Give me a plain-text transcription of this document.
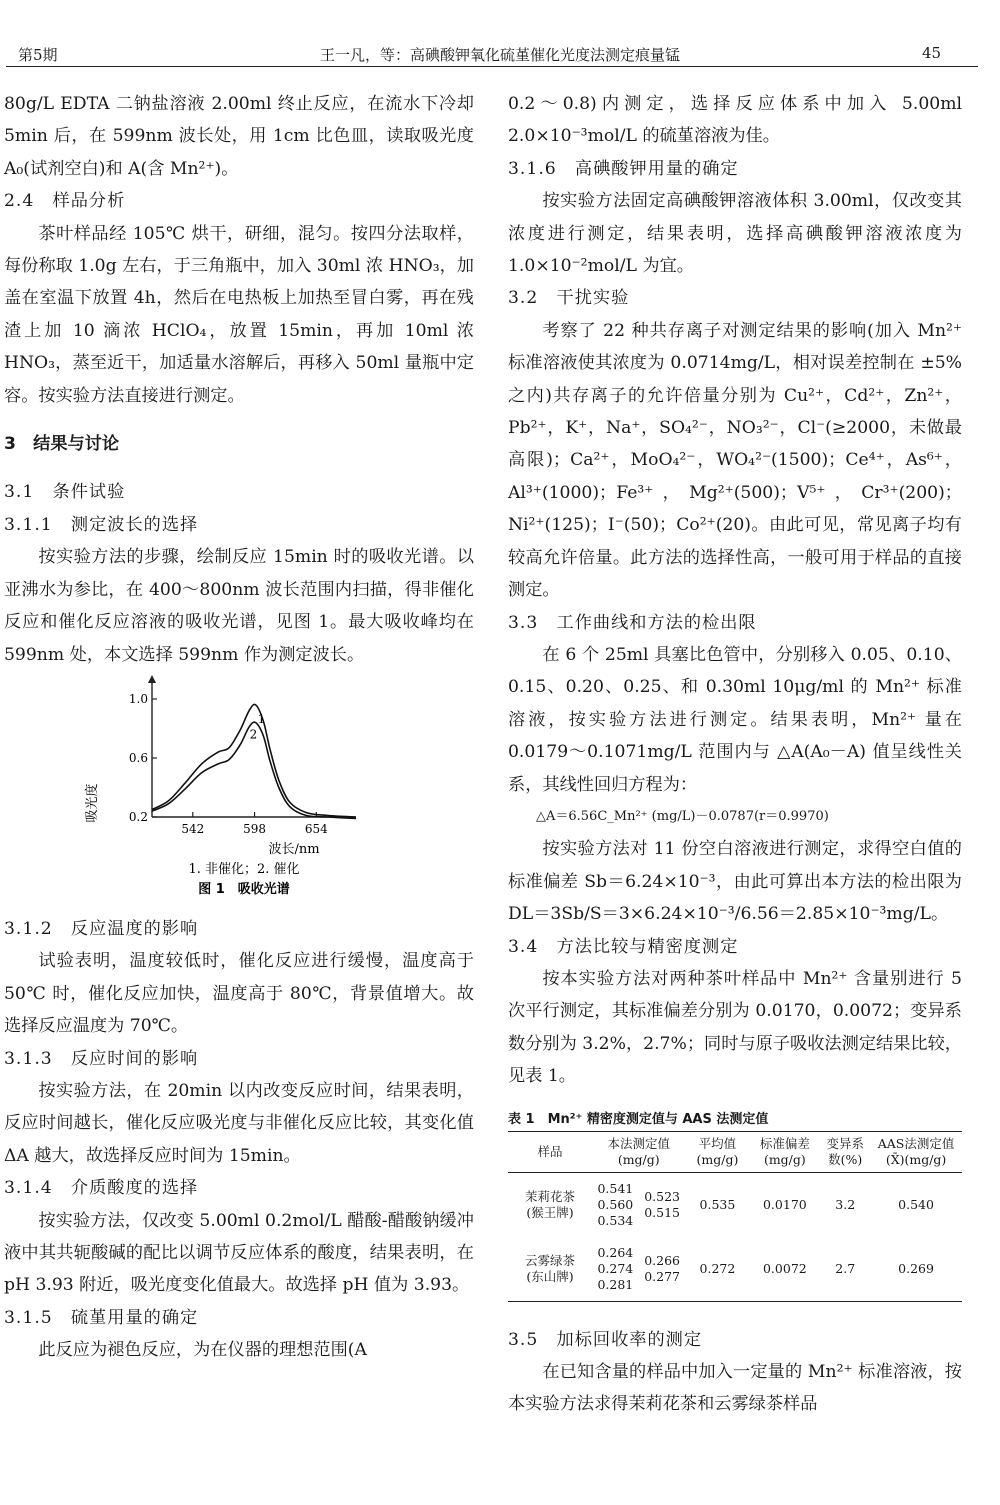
第5期	王一凡，等：高碘酸钾氧化硫堇催化光度法测定痕量锰	45

80g/L EDTA 二钠盐溶液 2.00ml 终止反应，在流水下冷却 5min 后，在 599nm 波长处，用 1cm 比色皿，读取吸光度 A₀(试剂空白)和 A(含 Mn²⁺)。

2.4　样品分析

茶叶样品经 105℃ 烘干，研细，混匀。按四分法取样，每份称取 1.0g 左右，于三角瓶中，加入 30ml 浓 HNO₃，加盖在室温下放置 4h，然后在电热板上加热至冒白雾，再在残渣上加 10 滴浓 HClO₄，放置 15min，再加 10ml 浓 HNO₃，蒸至近干，加适量水溶解后，再移入 50ml 量瓶中定容。按实验方法直接进行测定。

3　结果与讨论

3.1　条件试验

3.1.1　测定波长的选择

按实验方法的步骤，绘制反应 15min 时的吸收光谱。以亚沸水为参比，在 400～800nm 波长范围内扫描，得非催化反应和催化反应溶液的吸收光谱，见图 1。最大吸收峰均在 599nm 处，本文选择 599nm 作为测定波长。

1.0
0.6
0.2
542	598	654
1
2
吸光度
波长/nm
1. 非催化；2. 催化
图 1　吸收光谱

3.1.2　反应温度的影响

试验表明，温度较低时，催化反应进行缓慢，温度高于 50℃ 时，催化反应加快，温度高于 80℃，背景值增大。故选择反应温度为 70℃。

3.1.3　反应时间的影响

按实验方法，在 20min 以内改变反应时间，结果表明，反应时间越长，催化反应吸光度与非催化反应比较，其变化值 ΔA 越大，故选择反应时间为 15min。

3.1.4　介质酸度的选择

按实验方法，仅改变 5.00ml 0.2mol/L 醋酸-醋酸钠缓冲液中其共轭酸碱的配比以调节反应体系的酸度，结果表明，在 pH 3.93 附近，吸光度变化值最大。故选择 pH 值为 3.93。

3.1.5　硫堇用量的确定

此反应为褪色反应，为在仪器的理想范围(A

0.2～0.8)内测定，选择反应体系中加入 5.00ml 2.0×10⁻³mol/L 的硫堇溶液为佳。

3.1.6　高碘酸钾用量的确定

按实验方法固定高碘酸钾溶液体积 3.00ml，仅改变其浓度进行测定，结果表明，选择高碘酸钾溶液浓度为 1.0×10⁻²mol/L 为宜。

3.2　干扰实验

考察了 22 种共存离子对测定结果的影响(加入 Mn²⁺ 标准溶液使其浓度为 0.0714mg/L，相对误差控制在 ±5% 之内)共存离子的允许倍量分别为 Cu²⁺，Cd²⁺，Zn²⁺，Pb²⁺，K⁺，Na⁺，SO₄²⁻，NO₃²⁻，Cl⁻(≥2000，未做最高限)；Ca²⁺，MoO₄²⁻，WO₄²⁻(1500)；Ce⁴⁺，As⁶⁺，Al³⁺(1000)；Fe³⁺，Mg²⁺(500)；V⁵⁺，Cr³⁺(200)；Ni²⁺(125)；I⁻(50)；Co²⁺(20)。由此可见，常见离子均有较高允许倍量。此方法的选择性高，一般可用于样品的直接测定。

3.3　工作曲线和方法的检出限

在 6 个 25ml 具塞比色管中，分别移入 0.05、0.10、0.15、0.20、0.25、和 0.30ml 10μg/ml 的 Mn²⁺ 标准溶液，按实验方法进行测定。结果表明，Mn²⁺ 量在 0.0179～0.1071mg/L 范围内与 △A(A₀－A) 值呈线性关系，其线性回归方程为：

△A＝6.56C_Mn²⁺ (mg/L)－0.0787(r＝0.9970)

按实验方法对 11 份空白溶液进行测定，求得空白值的标准偏差 Sb＝6.24×10⁻³，由此可算出本方法的检出限为 DL＝3Sb/S＝3×6.24×10⁻³/6.56＝2.85×10⁻³mg/L。

3.4　方法比较与精密度测定

按本实验方法对两种茶叶样品中 Mn²⁺ 含量别进行 5 次平行测定，其标准偏差分别为 0.0170，0.0072；变异系数分别为 3.2%，2.7%；同时与原子吸收法测定结果比较，见表 1。

表 1　Mn²⁺ 精密度测定值与 AAS 法测定值

样品	本法测定值(mg/g)		平均值(mg/g)	标准偏差(mg/g)	变异系数(%)	AAS法测定值(X̄)(mg/g)

茉莉花茶
(猴王牌)	0.541
0.560
0.534	0.523
0.515	0.535	0.0170	3.2	0.540

云雾绿茶
(东山牌)	0.264
0.274
0.281	0.266
0.277	0.272	0.0072	2.7	0.269

3.5　加标回收率的测定

在已知含量的样品中加入一定量的 Mn²⁺ 标准溶液，按本实验方法求得茉莉花茶和云雾绿茶样品
